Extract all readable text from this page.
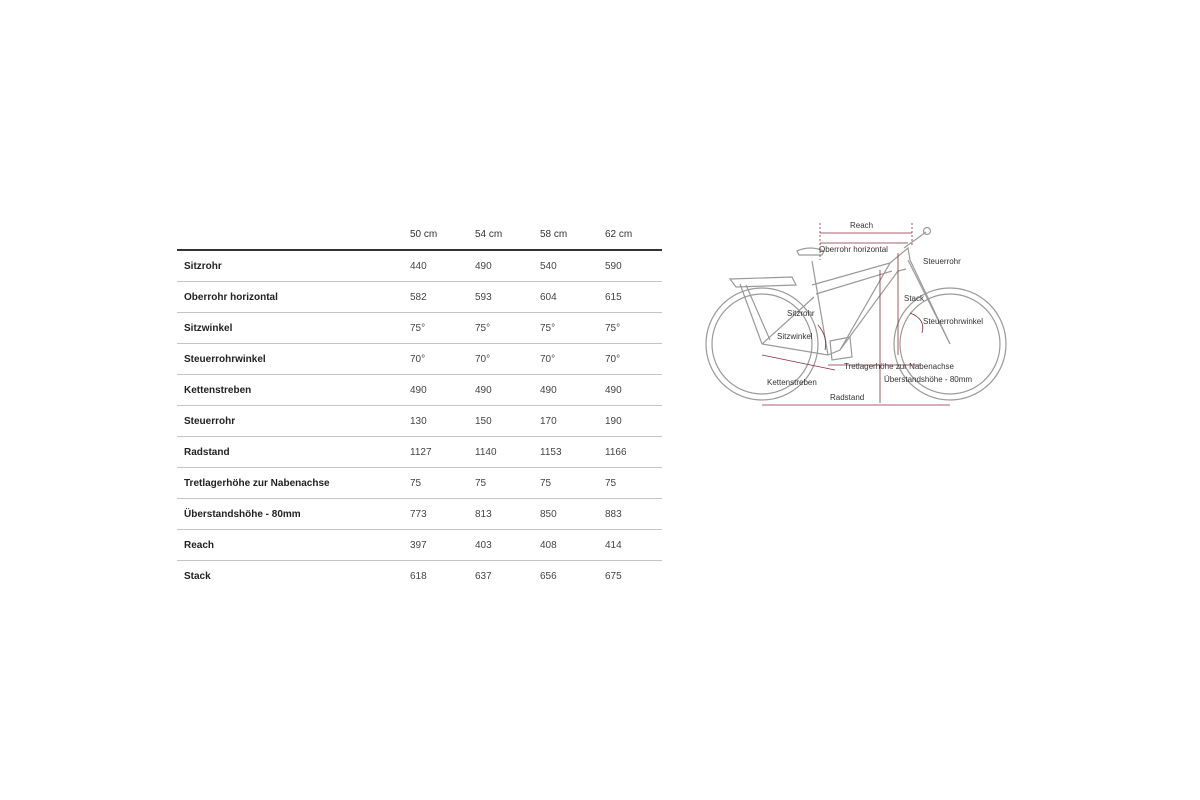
	50 cm	54 cm	58 cm	62 cm
Sitzrohr	440	490	540	590
Oberrohr horizontal	582	593	604	615
Sitzwinkel	75°	75°	75°	75°
Steuerrohrwinkel	70°	70°	70°	70°
Kettenstreben	490	490	490	490
Steuerrohr	130	150	170	190
Radstand	1127	1140	1153	1166
Tretlagerhöhe zur Nabenachse	75	75	75	75
Überstandshöhe - 80mm	773	813	850	883
Reach	397	403	408	414
Stack	618	637	656	675
Reach
Oberrohr horizontal
Steuerrohr
Stack
Sitzrohr
Steuerrohrwinkel
Sitzwinkel
Tretlagerhöhe zur Nabenachse
Überstandshöhe - 80mm
Kettenstreben
Radstand
